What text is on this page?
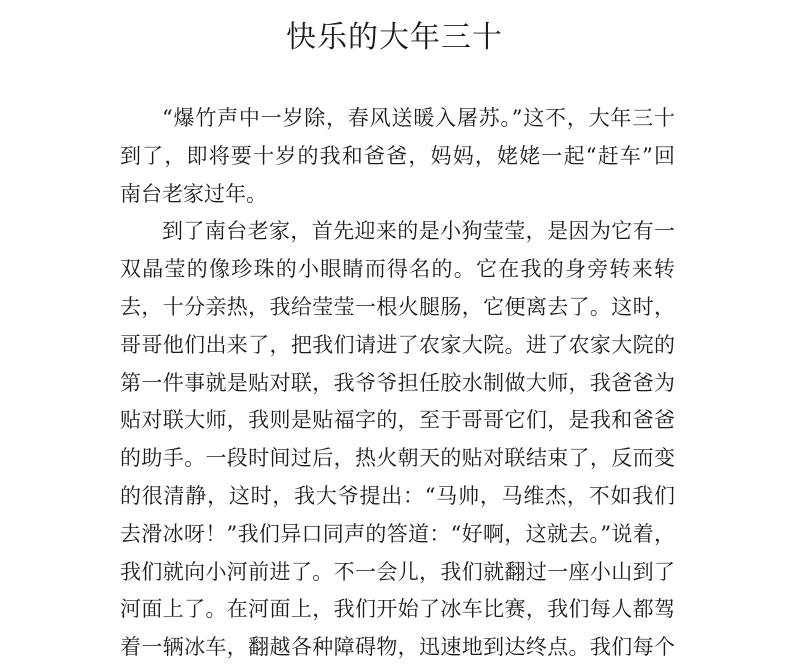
快乐的大年三十

“爆竹声中一岁除，春风送暖入屠苏。”这不，大年三十

到了，即将要十岁的我和爸爸，妈妈，姥姥一起“赶车”回

南台老家过年。

到了南台老家，首先迎来的是小狗莹莹，是因为它有一

双晶莹的像珍珠的小眼睛而得名的。它在我的身旁转来转

去，十分亲热，我给莹莹一根火腿肠，它便离去了。这时，

哥哥他们出来了，把我们请进了农家大院。进了农家大院的

第一件事就是贴对联，我爷爷担任胶水制做大师，我爸爸为

贴对联大师，我则是贴福字的，至于哥哥它们，是我和爸爸

的助手。一段时间过后，热火朝天的贴对联结束了，反而变

的很清静，这时，我大爷提出：“马帅，马维杰，不如我们

去滑冰呀！”我们异口同声的答道：“好啊，这就去。”说着，

我们就向小河前进了。不一会儿，我们就翻过一座小山到了

河面上了。在河面上，我们开始了冰车比赛，我们每人都驾

着一辆冰车，翻越各种障碍物，迅速地到达终点。我们每个
